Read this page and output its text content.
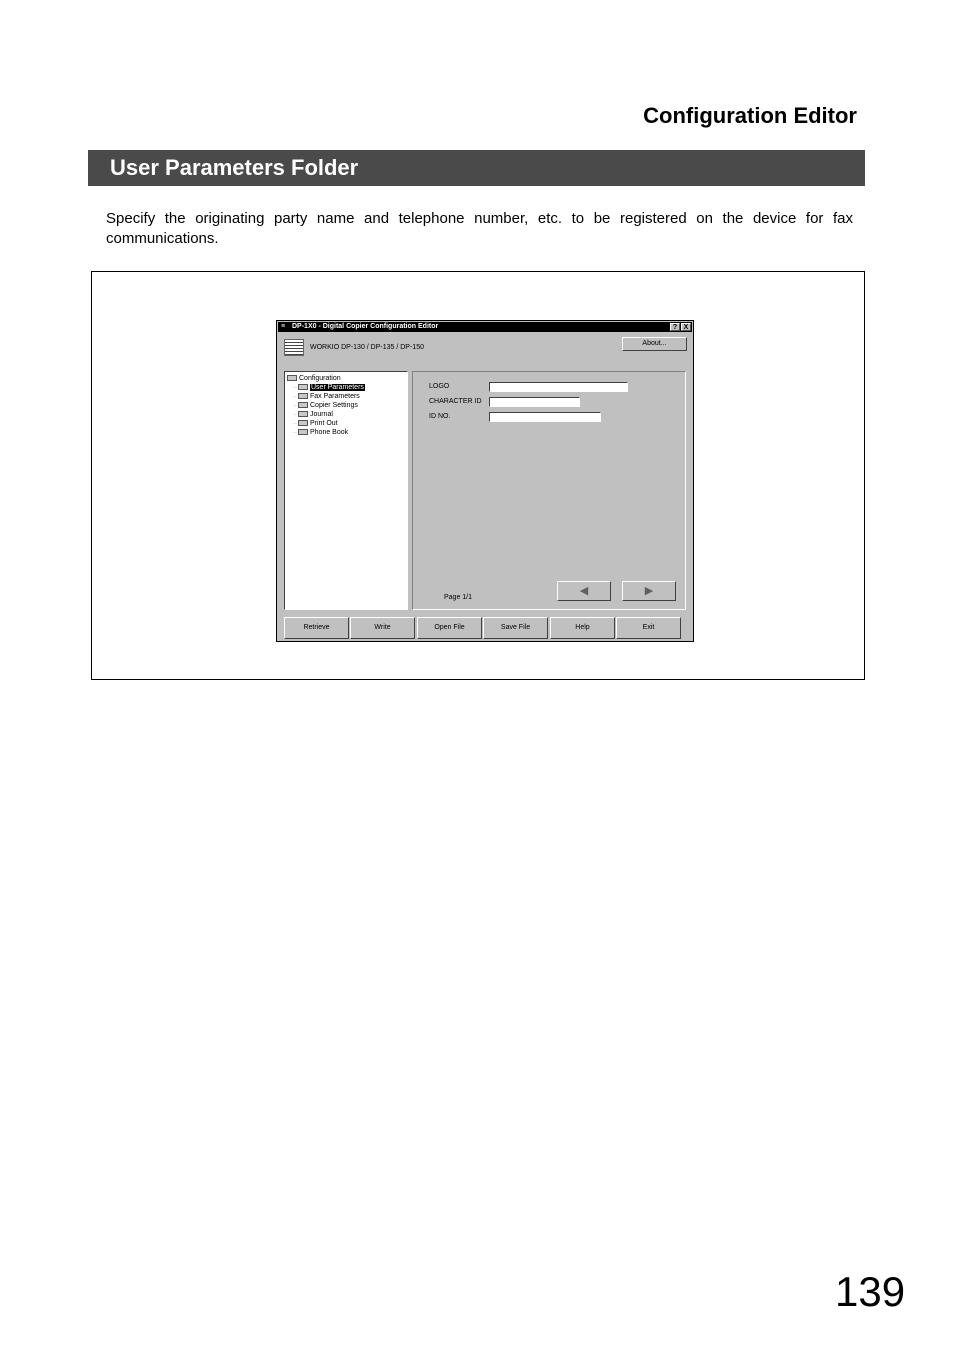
Configuration Editor
User Parameters Folder
Specify the originating party name and telephone number, etc. to be registered on the device for fax communications.
≡ DP-1X0 - Digital Copier Configuration Editor	? X
WORKIO DP-130 / DP-135 / DP-150
About...
Configuration
·· User Parameters
·· Fax Parameters
·· Copier Settings
·· Journal
·· Print Out
·· Phone Book
LOGO
CHARACTER ID
ID NO.
Page 1/1
◀	▶
Retrieve	Write	Open File	Save File	Help	Exit
139
